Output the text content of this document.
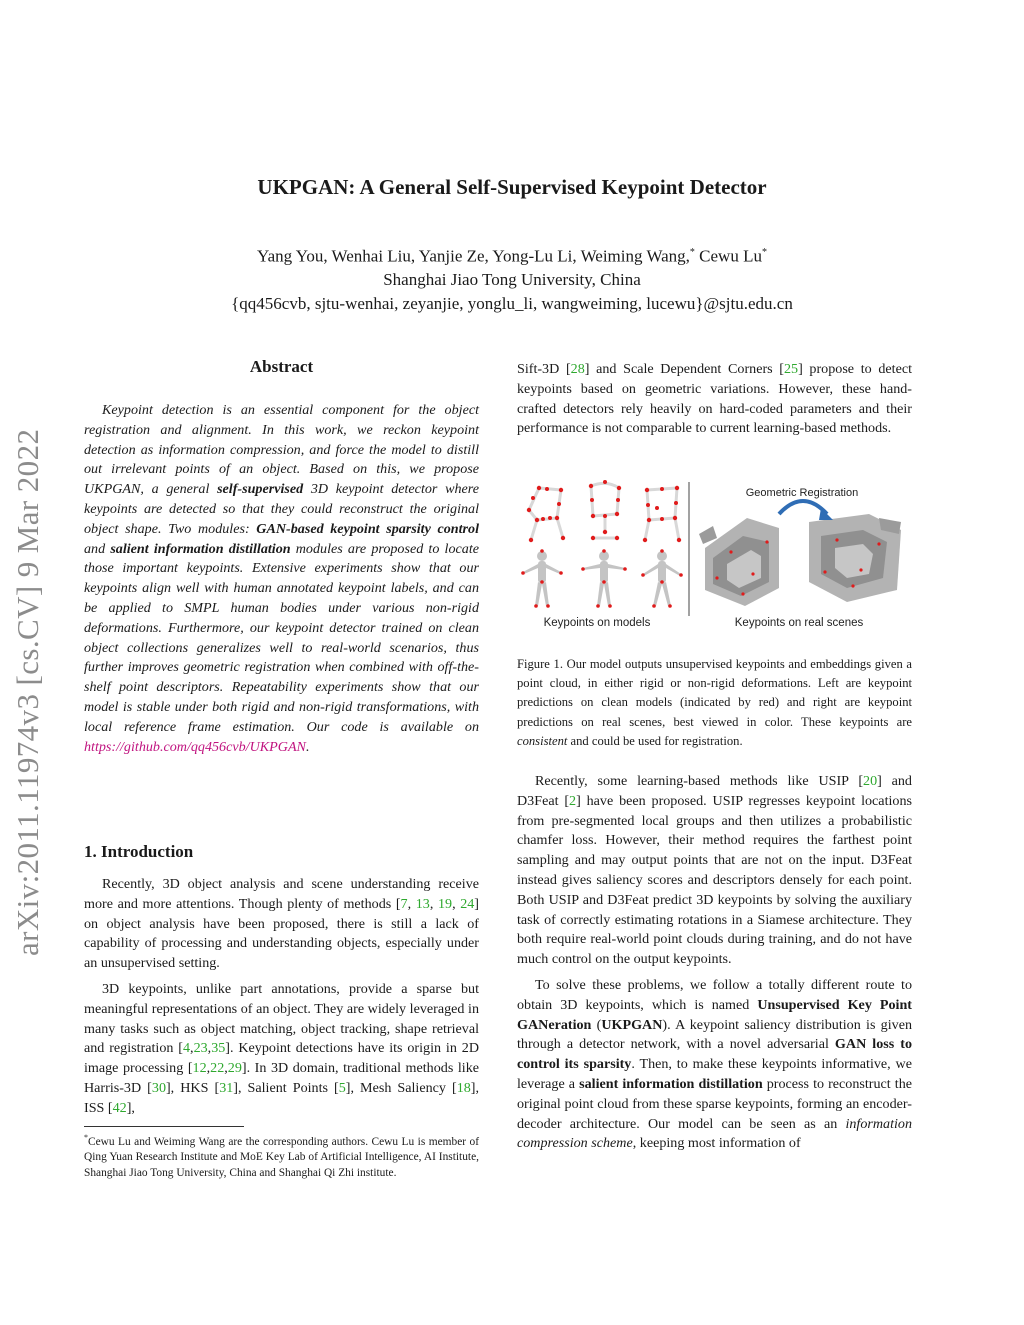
UKPGAN: A General Self-Supervised Keypoint Detector
Yang You, Wenhai Liu, Yanjie Ze, Yong-Lu Li, Weiming Wang,* Cewu Lu*
Shanghai Jiao Tong University, China
{qq456cvb, sjtu-wenhai, zeyanjie, yonglu_li, wangweiming, lucewu}@sjtu.edu.cn
arXiv:2011.11974v3 [cs.CV] 9 Mar 2022
Abstract

Keypoint detection is an essential component for the object registration and alignment. In this work, we reckon keypoint detection as information compression, and force the model to distill out irrelevant points of an object. Based on this, we propose UKPGAN, a general self-supervised 3D keypoint detector where keypoints are detected so that they could reconstruct the original object shape. Two modules: GAN-based keypoint sparsity control and salient information distillation modules are proposed to locate those important keypoints. Extensive experiments show that our keypoints align well with human annotated keypoint labels, and can be applied to SMPL human bodies under various non-rigid deformations. Furthermore, our keypoint detector trained on clean object collections generalizes well to real-world scenarios, thus further improves geometric registration when combined with off-the-shelf point descriptors. Repeatability experiments show that our model is stable under both rigid and non-rigid transformations, with local reference frame estimation. Our code is available on https://github.com/qq456cvb/UKPGAN.

1. Introduction

Recently, 3D object analysis and scene understanding receive more and more attentions. Though plenty of methods [7, 13, 19, 24] on object analysis have been proposed, there is still a lack of capability of processing and understanding objects, especially under an unsupervised setting.

3D keypoints, unlike part annotations, provide a sparse but meaningful representations of an object. They are widely leveraged in many tasks such as object matching, object tracking, shape retrieval and registration [4,23,35]. Keypoint detections have its origin in 2D image processing [12,22,29]. In 3D domain, traditional methods like Harris-3D [30], HKS [31], Salient Points [5], Mesh Saliency [18], ISS [42],

*Cewu Lu and Weiming Wang are the corresponding authors. Cewu Lu is member of Qing Yuan Research Institute and MoE Key Lab of Artificial Intelligence, AI Institute, Shanghai Jiao Tong University, China and Shanghai Qi Zhi institute.

Sift-3D [28] and Scale Dependent Corners [25] propose to detect keypoints based on geometric variations. However, these hand-crafted detectors rely heavily on hard-coded parameters and their performance is not comparable to current learning-based methods.

Geometric Registration
Keypoints on models	Keypoints on real scenes

Figure 1. Our model outputs unsupervised keypoints and embeddings given a point cloud, in either rigid or non-rigid deformations. Left are keypoint predictions on clean models (indicated by red) and right are keypoint predictions on real scenes, best viewed in color. These keypoints are consistent and could be used for registration.

Recently, some learning-based methods like USIP [20] and D3Feat [2] have been proposed. USIP regresses keypoint locations from pre-segmented local groups and then utilizes a probabilistic chamfer loss. However, their method requires the farthest point sampling and may output points that are not on the input. D3Feat instead gives saliency scores and descriptors densely for each point. Both USIP and D3Feat predict 3D keypoints by solving the auxiliary task of correctly estimating rotations in a Siamese architecture. They both require real-world point clouds during training, and do not have much control on the output keypoints.

To solve these problems, we follow a totally different route to obtain 3D keypoints, which is named Unsupervised Key Point GANeration (UKPGAN). A keypoint saliency distribution is given through a detector network, with a novel adversarial GAN loss to control its sparsity. Then, to make these keypoints informative, we leverage a salient information distillation process to reconstruct the original point cloud from these sparse keypoints, forming an encoder-decoder architecture. Our model can be seen as an information compression scheme, keeping most information of
